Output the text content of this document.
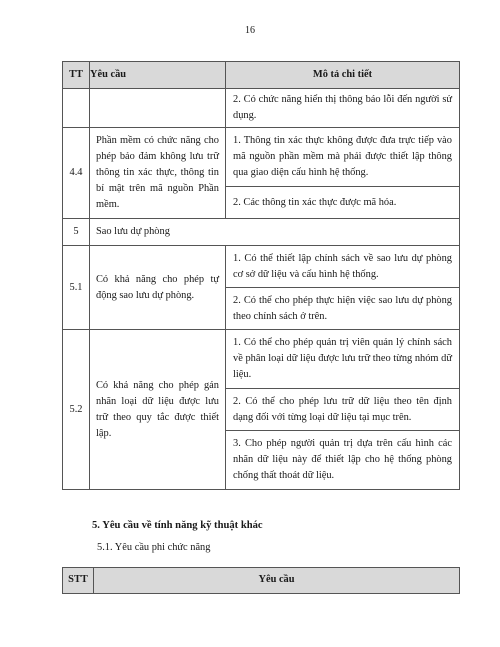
16
TT	Yêu cầu	Mô tả chi tiết
		2. Có chức năng hiển thị thông báo lỗi đến người sử dụng.
4.4	Phần mềm có chức năng cho phép bảo đảm không lưu trữ thông tin xác thực, thông tin bí mật trên mã nguồn Phần mềm.	1. Thông tin xác thực không được đưa trực tiếp vào mã nguồn phần mềm mà phải được thiết lập thông qua giao diện cấu hình hệ thống.
		2. Các thông tin xác thực được mã hóa.
5	Sao lưu dự phòng	
5.1	Có khả năng cho phép tự động sao lưu dự phòng.	1. Có thể thiết lập chính sách về sao lưu dự phòng cơ sở dữ liệu và cấu hình hệ thống.
		2. Có thể cho phép thực hiện việc sao lưu dự phòng theo chính sách ở trên.
5.2	Có khả năng cho phép gán nhãn loại dữ liệu được lưu trữ theo quy tắc được thiết lập.	1. Có thể cho phép quản trị viên quản lý chính sách về phân loại dữ liệu được lưu trữ theo từng nhóm dữ liệu.
		2. Có thể cho phép lưu trữ dữ liệu theo tên định dạng đối với từng loại dữ liệu tại mục trên.
		3. Cho phép người quản trị dựa trên cấu hình các nhãn dữ liệu này để thiết lập cho hệ thống phòng chống thất thoát dữ liệu.
5. Yêu cầu về tính năng kỹ thuật khác
5.1. Yêu cầu phi chức năng
STT	Yêu cầu
